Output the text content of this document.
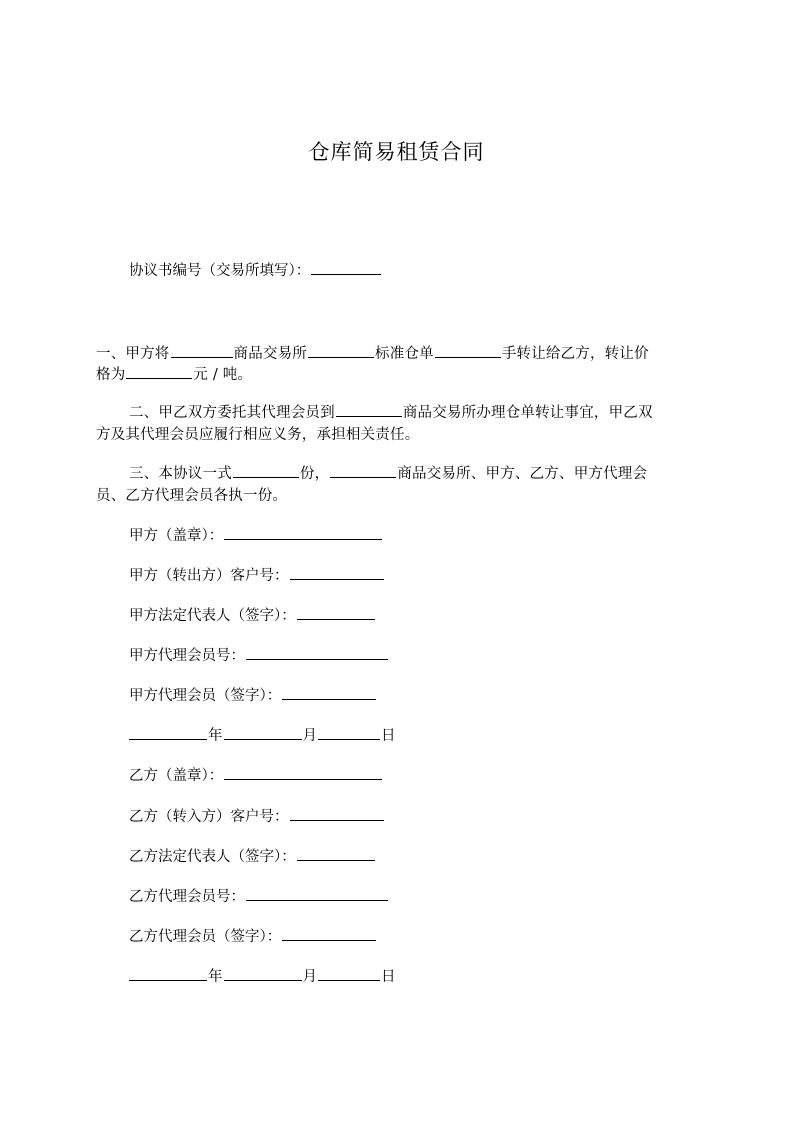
仓库简易租赁合同
协议书编号（交易所填写）：
一、甲方将	商品交易所	标准仓单	手转让给乙方，转让价
格为	元 / 吨。
二、甲乙双方委托其代理会员到	商品交易所办理仓单转让事宜，甲乙双
方及其代理会员应履行相应义务，承担相关责任。
三、本协议一式	份，	商品交易所、甲方、乙方、甲方代理会
员、乙方代理会员各执一份。
甲方（盖章）：
甲方（转出方）客户号：
甲方法定代表人（签字）：
甲方代理会员号：
甲方代理会员（签字）：
年	月	日
乙方（盖章）：
乙方（转入方）客户号：
乙方法定代表人（签字）：
乙方代理会员号：
乙方代理会员（签字）：
年	月	日
